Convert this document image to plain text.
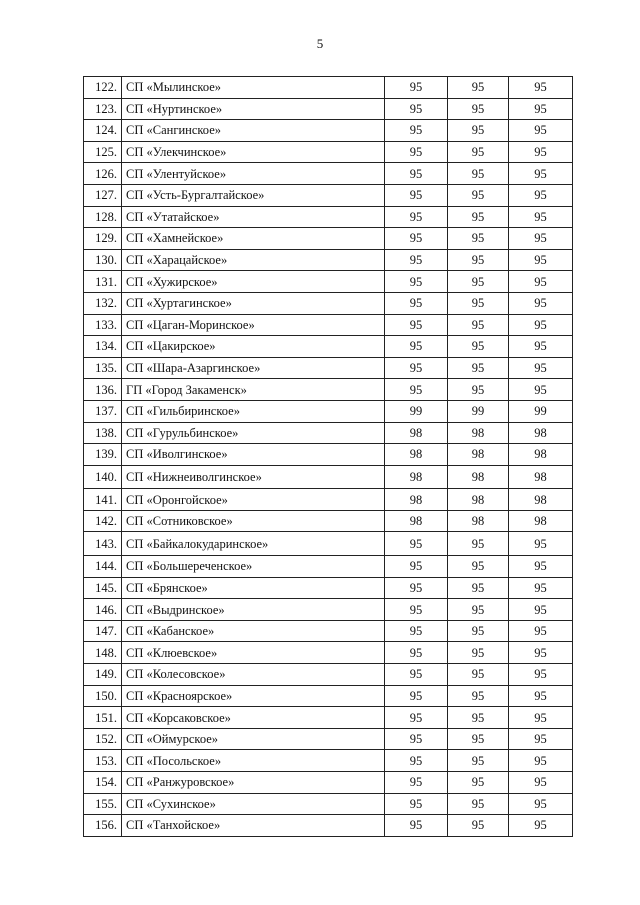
5
122.	СП «Мылинское»	95	95	95
123.	СП «Нуртинское»	95	95	95
124.	СП «Сангинское»	95	95	95
125.	СП «Улекчинское»	95	95	95
126.	СП «Улентуйское»	95	95	95
127.	СП «Усть-Бургалтайское»	95	95	95
128.	СП «Утатайское»	95	95	95
129.	СП «Хамнейское»	95	95	95
130.	СП «Харацайское»	95	95	95
131.	СП «Хужирское»	95	95	95
132.	СП «Хуртагинское»	95	95	95
133.	СП «Цаган-Моринское»	95	95	95
134.	СП «Цакирское»	95	95	95
135.	СП «Шара-Азаргинское»	95	95	95
136.	ГП «Город Закаменск»	95	95	95
137.	СП «Гильбиринское»	99	99	99
138.	СП «Гурульбинское»	98	98	98
139.	СП «Иволгинское»	98	98	98
140.	СП «Нижнеиволгинское»	98	98	98
141.	СП «Оронгойское»	98	98	98
142.	СП «Сотниковское»	98	98	98
143.	СП «Байкалокударинское»	95	95	95
144.	СП «Большереченское»	95	95	95
145.	СП «Брянское»	95	95	95
146.	СП «Выдринское»	95	95	95
147.	СП «Кабанское»	95	95	95
148.	СП «Клюевское»	95	95	95
149.	СП «Колесовское»	95	95	95
150.	СП «Красноярское»	95	95	95
151.	СП «Корсаковское»	95	95	95
152.	СП «Оймурское»	95	95	95
153.	СП «Посольское»	95	95	95
154.	СП «Ранжуровское»	95	95	95
155.	СП «Сухинское»	95	95	95
156.	СП «Танхойское»	95	95	95
